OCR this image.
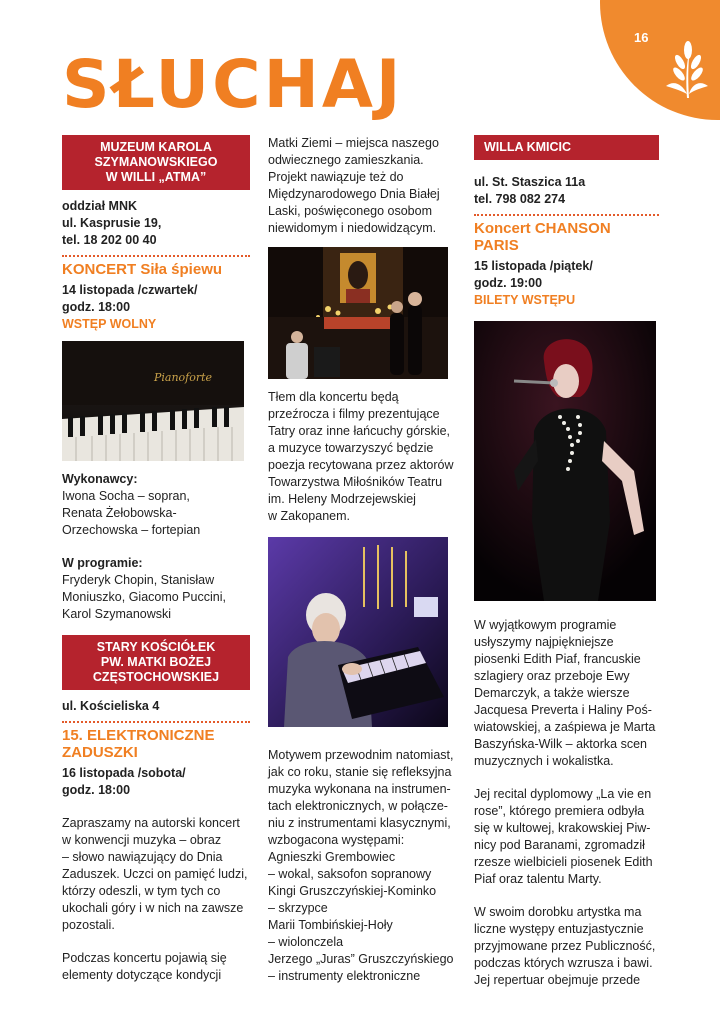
16
SŁUCHAJ
MUZEUM KAROLA
SZYMANOWSKIEGO
W WILLI „ATMA”
oddział MNK
ul. Kasprusie 19,
tel. 18 202 00 40
KONCERT Siła śpiewu
14 listopada /czwartek/
godz. 18:00
WSTĘP WOLNY
Pianoforte
Wykonawcy:

Iwona Socha – sopran,

Renata Żełobowska-

Orzechowska – fortepian

W programie:

Fryderyk Chopin, Stanisław

Moniuszko, Giacomo Puccini,

Karol Szymanowski

STARY KOŚCIÓŁEK
PW. MATKI BOŻEJ
CZĘSTOCHOWSKIEJ
ul. Kościeliska 4
15. ELEKTRONICZNE
ZADUSZKI
16 listopada /sobota/
godz. 18:00

Zapraszamy na autorski koncert

w konwencji muzyka – obraz

– słowo nawiązujący do Dnia

Zaduszek. Uczci on pamięć ludzi,

którzy odeszli, w tym tych co

ukochali góry i w nich na zawsze

pozostali.

Podczas koncertu pojawią się

elementy dotyczące kondycji

Matki Ziemi – miejsca naszego

odwiecznego zamieszkania.

Projekt nawiązuje też do

Międzynarodowego Dnia Białej

Laski, poświęconego osobom

niewidomym i niedowidzącym.

Tłem dla koncertu będą

przeźrocza i filmy prezentujące

Tatry oraz inne łańcuchy górskie,

a muzyce towarzyszyć będzie

poezja recytowana przez aktorów

Towarzystwa Miłośników Teatru

im. Heleny Modrzejewskiej

w Zakopanem.

Motywem przewodnim natomiast,

jak co roku, stanie się refleksyjna

muzyka wykonana na instrumen-

tach elektronicznych, w połącze-

niu z instrumentami klasycznymi,

wzbogacona występami:

Agnieszki Grembowiec

– wokal, saksofon sopranowy

Kingi Gruszczyńskiej-Kominko

– skrzypce

Marii Tombińskiej-Hoły

– wiolonczela

Jerzego „Juras” Gruszczyńskiego

– instrumenty elektroniczne

WILLA KMICIC
ul. St. Staszica 11a
tel. 798 082 274
Koncert CHANSON
PARIS
15 listopada /piątek/
godz. 19:00
BILETY WSTĘPU

W wyjątkowym programie

usłyszymy najpiękniejsze

piosenki Edith Piaf, francuskie

szlagiery oraz przeboje Ewy

Demarczyk, a także wiersze

Jacquesa Preverta i Haliny Poś-

wiatowskiej, a zaśpiewa je Marta

Baszyńska-Wilk – aktorka scen

muzycznych i wokalistka.

Jej recital dyplomowy „La vie en

rose”, którego premiera odbyła

się w kultowej, krakowskiej Piw-

nicy pod Baranami, zgromadził

rzesze wielbicieli piosenek Edith

Piaf oraz talentu Marty.

W swoim dorobku artystka ma

liczne występy entuzjastycznie

przyjmowane przez Publiczność,

podczas których wzrusza i bawi.

Jej repertuar obejmuje przede
